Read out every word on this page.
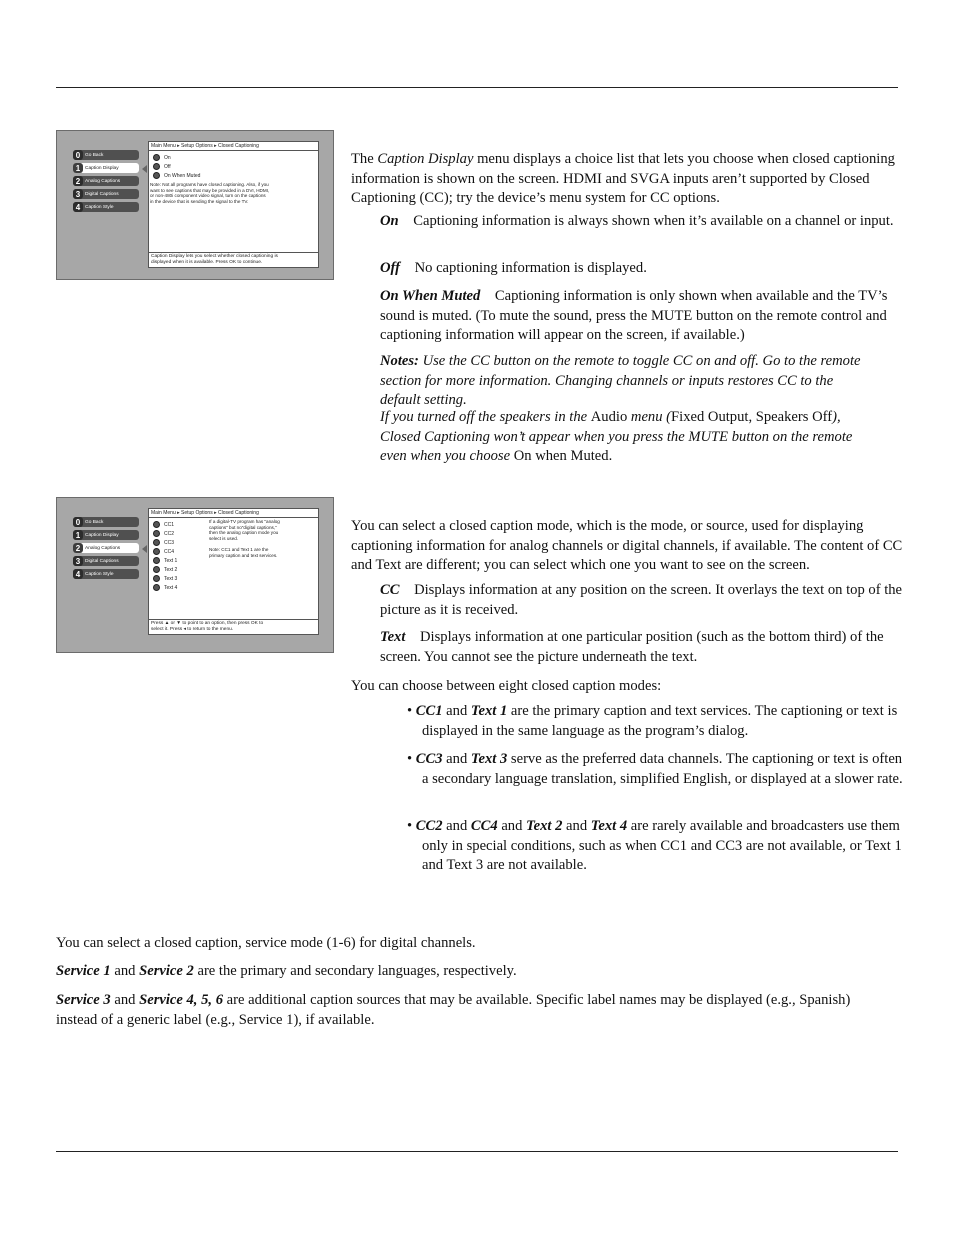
0 Go Back
1 Caption Display
2 Analog Captions
3 Digital Captions
4 Caption Style
Main Menu ▸ Setup Options ▸ Closed Captioning
On
Off
On When Muted
Note: Not all programs have closed captioning. Also, if you
want to see captions that may be provided in a DVI, HDMI,
or non-480i component video signal, turn on the captions
in the device that is sending the signal to the TV.
Caption Display lets you select whether closed captioning is
displayed when it is available. Press OK to continue.
0 Go Back
1 Caption Display
2 Analog Captions
3 Digital Captions
4 Caption Style
Main Menu ▸ Setup Options ▸ Closed Captioning
CC1
CC2
CC3
CC4
Text 1
Text 2
Text 3
Text 4
If a digital-TV program has "analog
captions" but no"digital captions,"
then the analog caption mode you
select is used.
Note: CC1 and Text 1 are the
primary caption and text services.
Press ▲ or ▼ to point to an option, then press OK to
select it. Press ◂ to return to the menu.

The Caption Display menu displays a choice list that lets you choose when closed captioning information is shown on the screen. HDMI and SVGA inputs aren’t supported by Closed Captioning (CC); try the device’s menu system for CC options.

On Captioning information is always shown when it’s available on a channel or input.

Off No captioning information is displayed.

On When Muted Captioning information is only shown when available and the TV’s sound is muted. (To mute the sound, press the MUTE button on the remote control and captioning information will appear on the screen, if available.)

Notes: Use the CC button on the remote to toggle CC on and off. Go to the remote section for more information. Changing channels or inputs restores CC to the default setting.

If you turned off the speakers in the Audio menu (Fixed Output, Speakers Off), Closed Captioning won’t appear when you press the MUTE button on the remote even when you choose On when Muted.

You can select a closed caption mode, which is the mode, or source, used for displaying captioning information for analog channels or digital channels, if available. The content of CC and Text are different; you can select which one you want to see on the screen.

CC Displays information at any position on the screen. It overlays the text on top of the picture as it is received.

Text Displays information at one particular position (such as the bottom third) of the screen. You cannot see the picture underneath the text.

You can choose between eight closed caption modes:

• CC1 and Text 1 are the primary caption and text services. The captioning or text is displayed in the same language as the program’s dialog.

• CC3 and Text 3 serve as the preferred data channels. The captioning or text is often a secondary language translation, simplified English, or displayed at a slower rate.

• CC2 and CC4 and Text 2 and Text 4 are rarely available and broadcasters use them only in special conditions, such as when CC1 and CC3 are not available, or Text 1 and Text 3 are not available.

You can select a closed caption, service mode (1-6) for digital channels.

Service 1 and Service 2 are the primary and secondary languages, respectively.

Service 3 and Service 4, 5, 6 are additional caption sources that may be available. Specific label names may be displayed (e.g., Spanish) instead of a generic label (e.g., Service 1), if available.
